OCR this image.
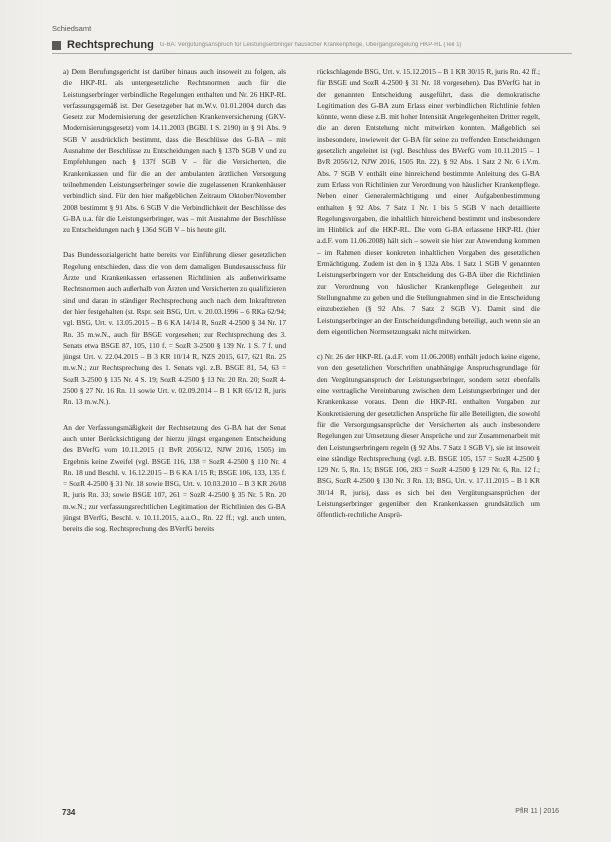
Schiedsamt
Rechtsprechung G-BA: Vergütungsanspruch für Leistungserbringer häuslicher Krankenpflege, Übergangsregelung HKP-RL (Teil 1)

a) Dem Berufungsgericht ist darüber hinaus auch insoweit zu folgen, als die HKP-RL als untergesetzliche Rechtsnormen auch für die Leistungserbringer verbindliche Regelungen enthalten und Nr. 26 HKP-RL verfassungsgemäß ist. Der Gesetzgeber hat m.W.v. 01.01.2004 durch das Gesetz zur Modernisierung der gesetzlichen Krankenversicherung (GKV-Modernisierungsgesetz) vom 14.11.2003 (BGBl. I S. 2190) in § 91 Abs. 9 SGB V ausdrücklich bestimmt, dass die Beschlüsse des G-BA – mit Ausnahme der Beschlüsse zu Entscheidungen nach § 137b SGB V und zu Empfehlungen nach § 137f SGB V – für die Versicherten, die Krankenkassen und für die an der ambulanten ärztlichen Versorgung teilnehmenden Leistungserbringer sowie die zugelassenen Krankenhäuser verbindlich sind. Für den hier maßgeblichen Zeitraum Oktober/November 2008 bestimmt § 91 Abs. 6 SGB V die Verbindlichkeit der Beschlüsse des G-BA u.a. für die Leistungserbringer, was – mit Ausnahme der Beschlüsse zu Entscheidungen nach § 136d SGB V – bis heute gilt.

Das Bundessozialgericht hatte bereits vor Einführung dieser gesetzlichen Regelung entschieden, dass die von dem damaligen Bundesausschuss für Ärzte und Krankenkassen erlassenen Richtlinien als außenwirksame Rechtsnormen auch außerhalb von Ärzten und Versicherten zu qualifizieren sind und daran in ständiger Rechtsprechung auch nach dem Inkrafttreten der hier festgehalten (st. Rspr. seit BSG, Urt. v. 20.03.1996 – 6 RKa 62/94; vgl. BSG, Urt. v. 13.05.2015 – B 6 KA 14/14 R, SozR 4-2500 § 34 Nr. 17 Rn. 35 m.w.N., auch für BSGE vorgesehen; zur Rechtsprechung des 3. Senats etwa BSGE 87, 105, 110 f. = SozR 3-2500 § 139 Nr. 1 S. 7 f. und jüngst Urt. v. 22.04.2015 – B 3 KR 10/14 R, NZS 2015, 617, 621 Rn. 25 m.w.N.; zur Rechtsprechung des 1. Senats vgl. z.B. BSGE 81, 54, 63 = SozR 3-2500 § 135 Nr. 4 S. 19; SozR 4-2500 § 13 Nr. 20 Rn. 20; SozR 4-2500 § 27 Nr. 16 Rn. 11 sowie Urt. v. 02.09.2014 – B 1 KR 65/12 R, juris Rn. 13 m.w.N.).

An der Verfassungsmäßigkeit der Rechtsetzung des G-BA hat der Senat auch unter Berücksichtigung der hierzu jüngst ergangenen Entscheidung des BVerfG vom 10.11.2015 (1 BvR 2056/12, NJW 2016, 1505) im Ergebnis keine Zweifel (vgl. BSGE 116, 138 = SozR 4-2500 § 110 Nr. 4 Rn. 18 und Beschl. v. 16.12.2015 – B 6 KA 1/15 R; BSGE 106, 133, 135 f. = SozR 4-2500 § 31 Nr. 18 sowie BSG, Urt. v. 10.03.2010 – B 3 KR 26/08 R, juris Rn. 33; sowie BSGE 107, 261 = SozR 4-2500 § 35 Nr. 5 Rn. 20 m.w.N.; zur verfassungsrechtlichen Legitimation der Richtlinien des G-BA jüngst BVerfG, Beschl. v. 10.11.2015, a.a.O., Rn. 22 ff.; vgl. auch unten, bereits die sog. Rechtsprechung des BVerfG bereits

rückschlagende BSG, Urt. v. 15.12.2015 – B 1 KR 30/15 R, juris Rn. 42 ff.; für BSGE und SozR 4-2500 § 31 Nr. 18 vorgesehen). Das BVerfG hat in der genannten Entscheidung ausgeführt, dass die demokratische Legitimation des G-BA zum Erlass einer verbindlichen Richtlinie fehlen könnte, wenn diese z.B. mit hoher Intensität Angelegenheiten Dritter regelt, die an deren Entstehung nicht mitwirken konnten. Maßgeblich sei insbesondere, inwieweit der G-BA für seine zu treffenden Entscheidungen gesetzlich angeleitet ist (vgl. Beschluss des BVerfG vom 10.11.2015 – 1 BvR 2056/12, NJW 2016, 1505 Rn. 22). § 92 Abs. 1 Satz 2 Nr. 6 i.V.m. Abs. 7 SGB V enthält eine hinreichend bestimmte Anleitung des G-BA zum Erlass von Richtlinien zur Verordnung von häuslicher Krankenpflege. Neben einer Generalermächtigung und einer Aufgabenbestimmung enthalten § 92 Abs. 7 Satz 1 Nr. 1 bis 5 SGB V nach detaillierte Regelungsvorgaben, die inhaltlich hinreichend bestimmt und insbesondere im Hinblick auf die HKP-RL. Die vom G-BA erlassene HKP-RL (hier a.d.F. vom 11.06.2008) hält sich – soweit sie hier zur Anwendung kommen – im Rahmen dieser konkreten inhaltlichen Vorgaben des gesetzlichen Ermächtigung. Zudem ist den in § 132a Abs. 1 Satz 1 SGB V genannten Leistungserbringern vor der Entscheidung des G-BA über die Richtlinien zur Verordnung von häuslicher Krankenpflege Gelegenheit zur Stellungnahme zu geben und die Stellungnahmen sind in die Entscheidung einzubeziehen (§ 92 Abs. 7 Satz 2 SGB V). Damit sind die Leistungserbringer an der Entscheidungsfindung beteiligt, auch wenn sie an dem eigentlichen Normsetzungsakt nicht mitwirken.

c) Nr. 26 der HKP-RL (a.d.F. vom 11.06.2008) enthält jedoch keine eigene, von den gesetzlichen Vorschriften unabhängige Anspruchsgrundlage für den Vergütungsanspruch der Leistungserbringer, sondern setzt ebenfalls eine vertragliche Vereinbarung zwischen dem Leistungserbringer und der Krankenkasse voraus. Denn die HKP-RL enthalten Vorgaben zur Konkretisierung der gesetzlichen Ansprüche für alle Beteiligten, die sowohl für die Versorgungsansprüche der Versicherten als auch insbesondere Regelungen zur Umsetzung dieser Ansprüche und zur Zusammenarbeit mit den Leistungserbringern regeln (§ 92 Abs. 7 Satz 1 SGB V), sie ist insoweit eine ständige Rechtsprechung (vgl. z.B. BSGE 105, 157 = SozR 4-2500 § 129 Nr. 5, Rn. 15; BSGE 106, 283 = SozR 4-2500 § 129 Nr. 6, Rn. 12 f.; BSG, SozR 4-2500 § 130 Nr. 3 Rn. 13; BSG, Urt. v. 17.11.2015 – B 1 KR 30/14 R, juris), dass es sich bei den Vergütungsansprüchen der Leistungserbringer gegenüber den Krankenkassen grundsätzlich um öffentlich-rechtliche Ansprü-

734	PflR 11 | 2016
